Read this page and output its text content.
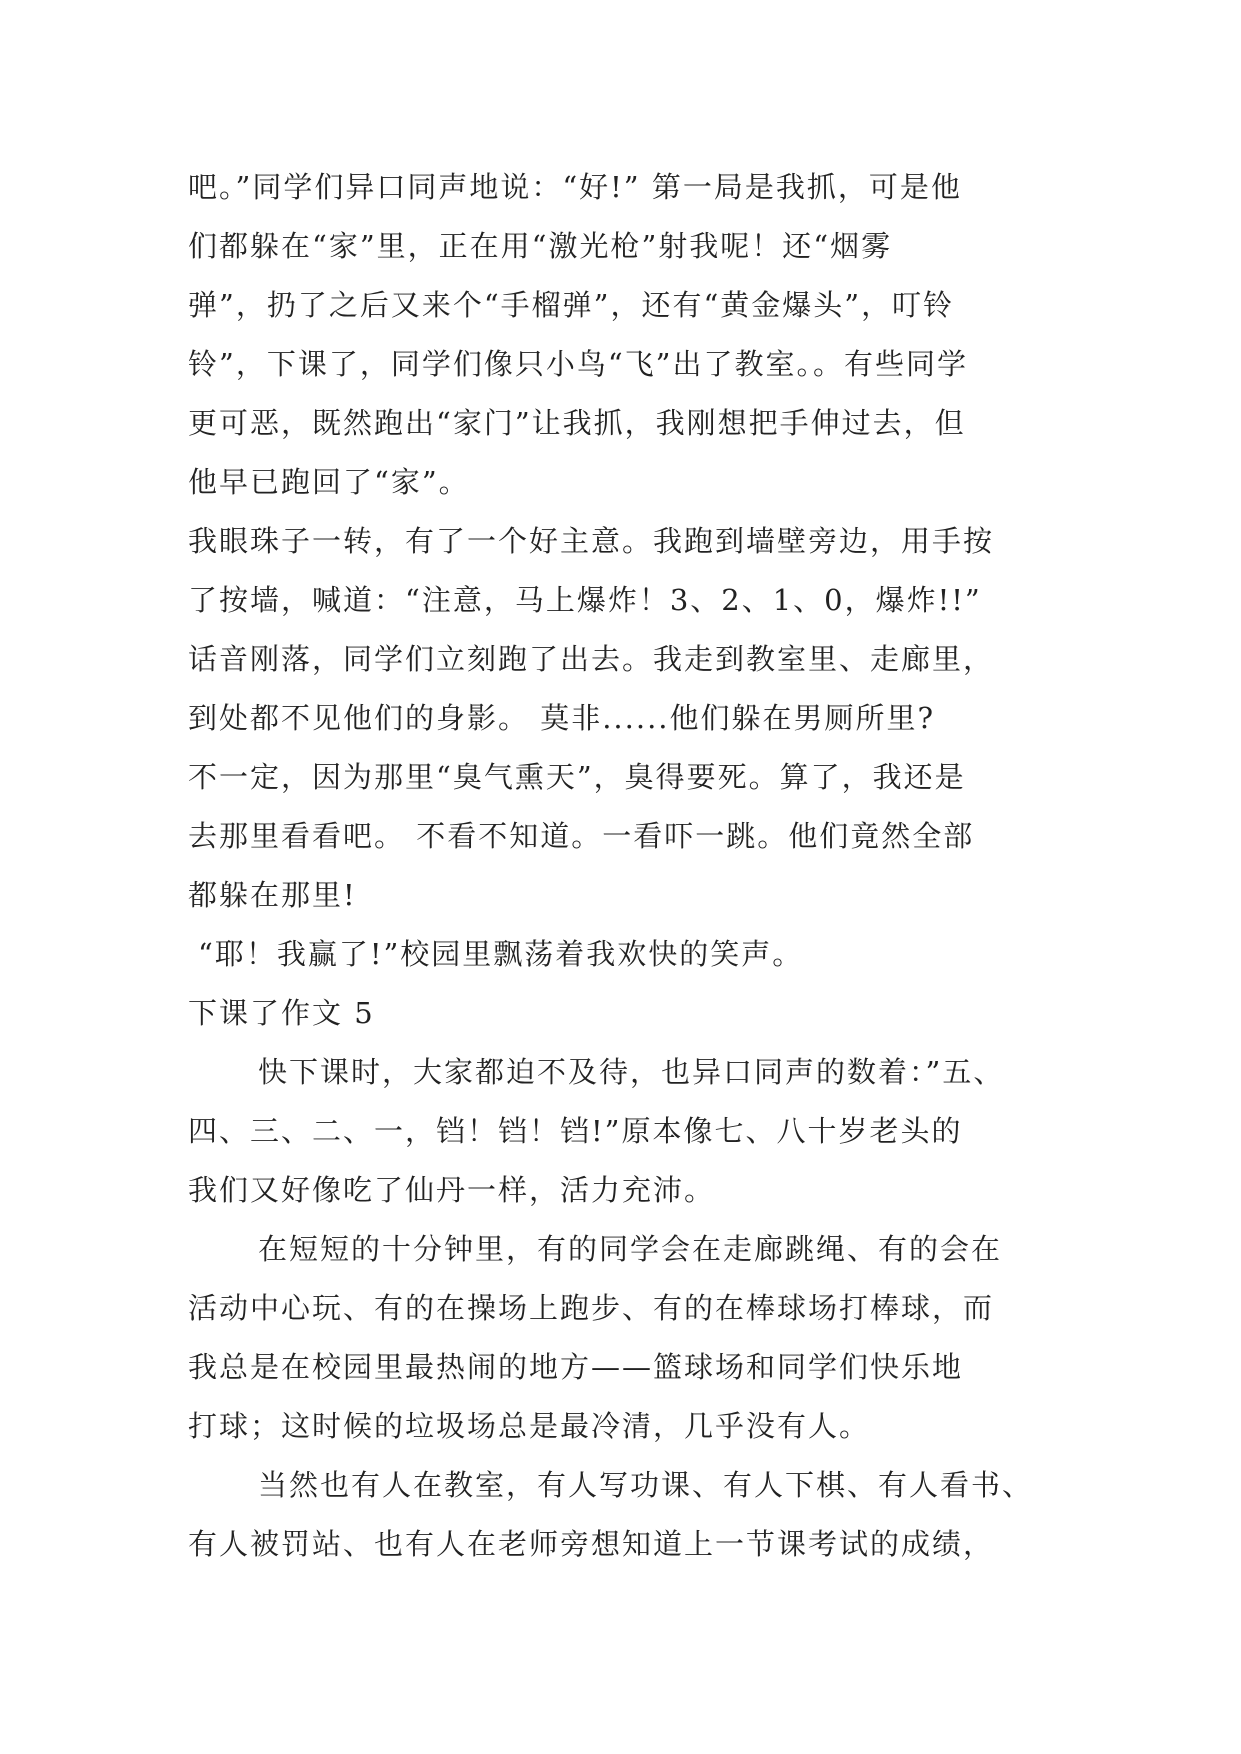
吧。”同学们异口同声地说：“好!” 第一局是我抓，可是他
们都躲在“家”里，正在用“激光枪”射我呢！还“烟雾
弹”，扔了之后又来个“手榴弹”，还有“黄金爆头”，叮铃
铃”，下课了，同学们像只小鸟“飞”出了教室。。有些同学
更可恶，既然跑出“家门”让我抓，我刚想把手伸过去，但
他早已跑回了“家”。
我眼珠子一转，有了一个好主意。我跑到墙壁旁边，用手按
了按墙，喊道：“注意，马上爆炸！3、2、1、0，爆炸!!”
话音刚落，同学们立刻跑了出去。我走到教室里、走廊里，
到处都不见他们的身影。 莫非......他们躲在男厕所里?
不一定，因为那里“臭气熏天”，臭得要死。算了，我还是
去那里看看吧。 不看不知道。一看吓一跳。他们竟然全部
都躲在那里!
“耶！我赢了!”校园里飘荡着我欢快的笑声。
下课了作文 5
快下课时，大家都迫不及待，也异口同声的数着：”五、
四、三、二、一，铛！铛！铛!”原本像七、八十岁老头的
我们又好像吃了仙丹一样，活力充沛。
在短短的十分钟里，有的同学会在走廊跳绳、有的会在
活动中心玩、有的在操场上跑步、有的在棒球场打棒球，而
我总是在校园里最热闹的地方——篮球场和同学们快乐地
打球；这时候的垃圾场总是最冷清，几乎没有人。
当然也有人在教室，有人写功课、有人下棋、有人看书、
有人被罚站、也有人在老师旁想知道上一节课考试的成绩，
